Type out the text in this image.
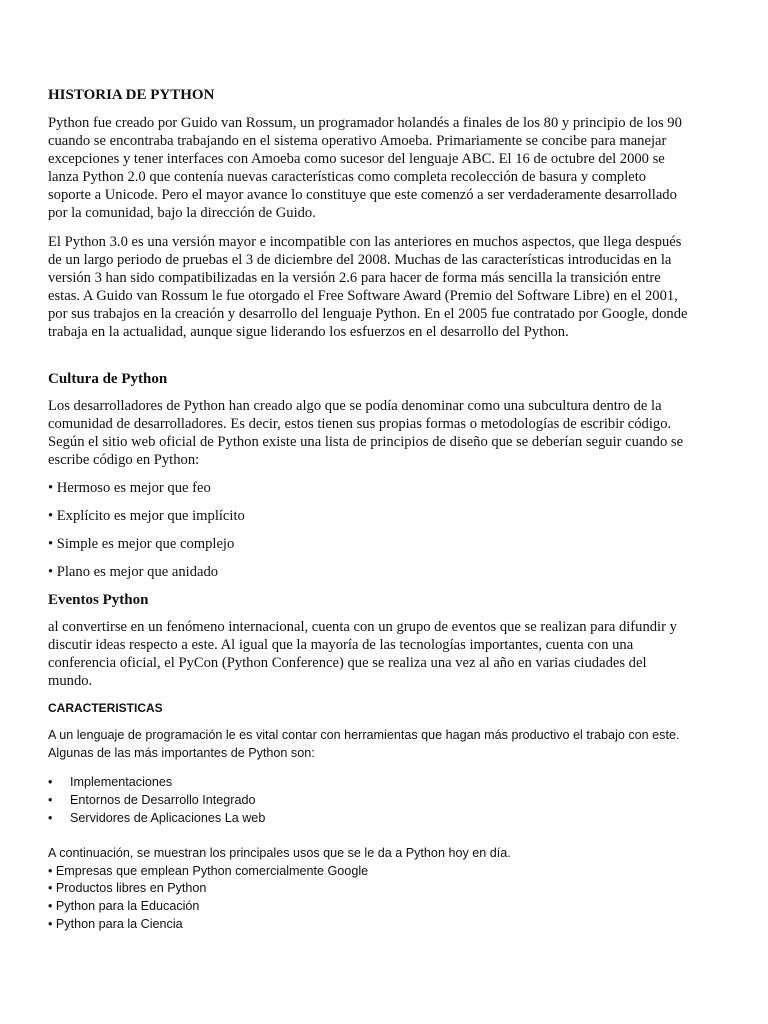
HISTORIA DE PYTHON

Python fue creado por Guido van Rossum, un programador holandés a finales de los 80 y principio de los 90 cuando se encontraba trabajando en el sistema operativo Amoeba. Primariamente se concibe para manejar excepciones y tener interfaces con Amoeba como sucesor del lenguaje ABC. El 16 de octubre del 2000 se lanza Python 2.0 que contenía nuevas características como completa recolección de basura y completo soporte a Unicode. Pero el mayor avance lo constituye que este comenzó a ser verdaderamente desarrollado por la comunidad, bajo la dirección de Guido.

El Python 3.0 es una versión mayor e incompatible con las anteriores en muchos aspectos, que llega después de un largo periodo de pruebas el 3 de diciembre del 2008. Muchas de las características introducidas en la versión 3 han sido compatibilizadas en la versión 2.6 para hacer de forma más sencilla la transición entre estas. A Guido van Rossum le fue otorgado el Free Software Award (Premio del Software Libre) en el 2001, por sus trabajos en la creación y desarrollo del lenguaje Python. En el 2005 fue contratado por Google, donde trabaja en la actualidad, aunque sigue liderando los esfuerzos en el desarrollo del Python.

Cultura de Python

Los desarrolladores de Python han creado algo que se podía denominar como una subcultura dentro de la comunidad de desarrolladores. Es decir, estos tienen sus propias formas o metodologías de escribir código. Según el sitio web oficial de Python existe una lista de principios de diseño que se deberían seguir cuando se escribe código en Python:

• Hermoso es mejor que feo

• Explícito es mejor que implícito

• Simple es mejor que complejo

• Plano es mejor que anidado

Eventos Python

al convertirse en un fenómeno internacional, cuenta con un grupo de eventos que se realizan para difundir y discutir ideas respecto a este. Al igual que la mayoría de las tecnologías importantes, cuenta con una conferencia oficial, el PyCon (Python Conference) que se realiza una vez al año en varias ciudades del mundo.

CARACTERISTICAS

A un lenguaje de programación le es vital contar con herramientas que hagan más productivo el trabajo con este. Algunas de las más importantes de Python son:

• Implementaciones
• Entornos de Desarrollo Integrado
• Servidores de Aplicaciones La web
A continuación, se muestran los principales usos que se le da a Python hoy en día.
• Empresas que emplean Python comercialmente Google
• Productos libres en Python
• Python para la Educación
• Python para la Ciencia
